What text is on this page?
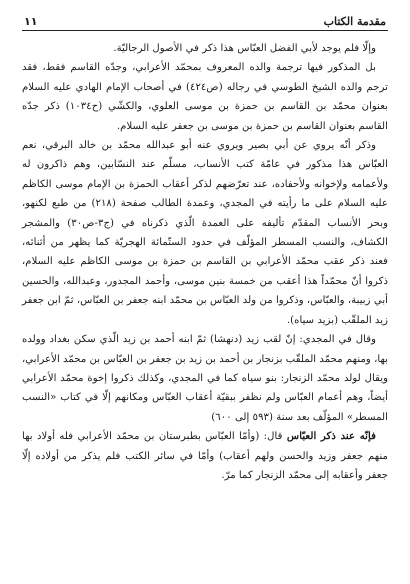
مقدمة الكتاب
١١

وإلّا فلم يوجد لأبي الفضل العبّاس هذا ذكر في الأصول الرجاليّة.

بل المذكور فيها ترجمة والده المعروف بمحمّد الأعرابي، وجدّه القاسم فقط، فقد ترجم والده الشيخ الطوسي في رجاله (ص٤٢٤) في أصحاب الإمام الهادي عليه السلام بعنوان محمّد بن القاسم بن حمزة بن موسى العلوي، والكشّي (ح١٠٣٤) ذكر جدّه القاسم بعنوان القاسم بن حمزة بن موسى بن جعفر عليه السلام.

وذكر أنّه يروي عن أبي بصير ويروي عنه أبو عبدالله محمّد بن خالد البرقي، نعم العبّاس هذا مذكور في عامّة كتب الأنساب، مسلّم عند النسّابين، وهم ذاكرون له ولأعمامه ولإخوانه ولأحفاده، عند تعرّضهم لذكر أعقاب الحمزة بن الإمام موسى الكاظم عليه السلام على ما رأيته في المجدي، وعمدة الطالب صفحة (٢١٨) من طبع لكنهو، وبحر الأنساب المقدّم تأليفه على العمدة الّذي ذكرناه في (ج٣-ص٣٠) والمشجر الكشاف، والنسب المسطر المؤلّف في حدود الستّمائة الهجريّة كما يظهر من أثنائه، فعند ذكر عقب محمّد الأعرابي بن القاسم بن حمزة بن موسى الكاظم عليه السلام، ذكروا أنّ محمّداً هذا أعقب من خمسة بنين موسى، وأحمد المجدور، وعبدالله، والحسين أبي زبيبة، والعبّاس، وذكروا من ولد العبّاس بن محمّد ابنه جعفر بن العبّاس، ثمّ ابن جعفر زيد الملقّب (بزيد سياه).

وقال في المجدي: إنّ لقب زيد (دنهشا) ثمّ ابنه أحمد بن زيد الّذي سكن بغداد وولده بها، ومنهم محمّد الملقّب بزنجار بن أحمد بن زيد بن جعفر بن العبّاس بن محمّد الأعرابي، ويقال لولد محمّد الزنجار: بنو سياه كما في المجدي، وكذلك ذكروا إخوة محمّد الأعرابي أيضاً، وهم أعمام العبّاس ولم نظفر ببقيّة أعقاب العبّاس ومكانهم إلّا في كتاب «النسب المسطر» المؤلّف بعد سنة (٥٩٣ إلى ٦٠٠)

فإنّه عند ذكر العبّاس قال: (وأمّا العبّاس بطبرستان بن محمّد الأعرابي فله أولاد بها منهم جعفر وزيد والحسن ولهم أعقاب) وأمّا في سائر الكتب فلم يذكر من أولاده إلّا جعفر وأعقابه إلى محمّد الزنجار كما مرّ.
